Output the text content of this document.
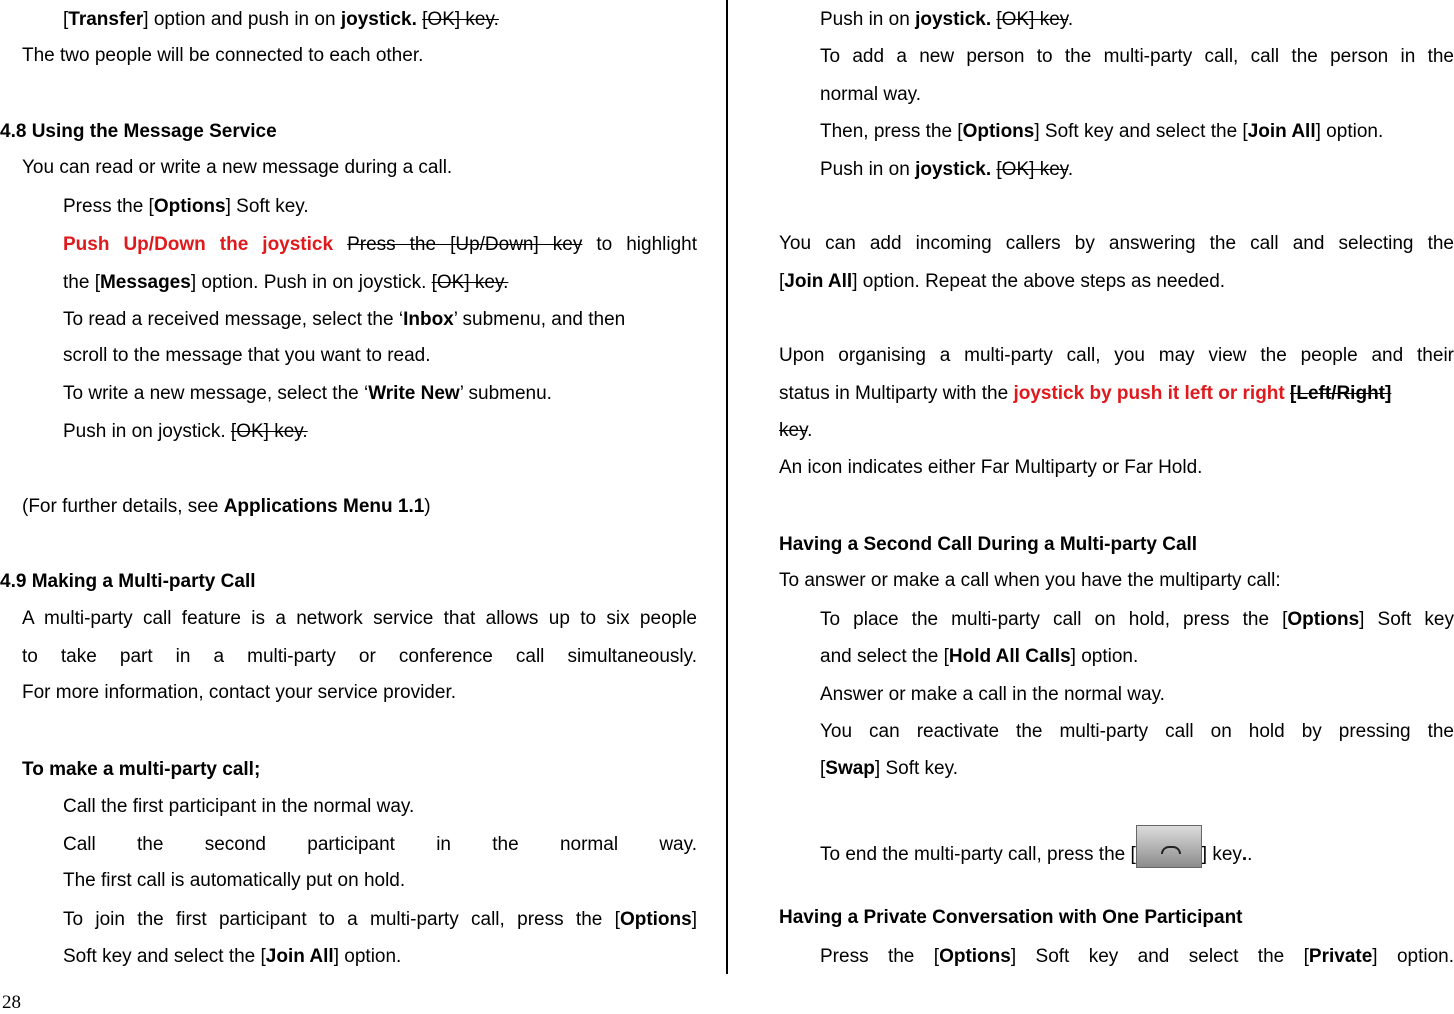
[Transfer] option and push in on joystick. [OK] key.
The two people will be connected to each other.
4.8 Using the Message Service
You can read or write a new message during a call.
Press the [Options] Soft key.
Push Up/Down the joystick Press the [Up/Down] key to highlight
the [Messages] option. Push in on joystick. [OK] key.
To read a received message, select the ‘Inbox’ submenu, and then
scroll to the message that you want to read.
To write a new message, select the ‘Write New’ submenu.
Push in on joystick. [OK] key.
(For further details, see Applications Menu 1.1)
4.9 Making a Multi-party Call
A multi-party call feature is a network service that allows up to six people
to take part in a multi-party or conference call simultaneously.
For more information, contact your service provider.
To make a multi-party call;
Call the first participant in the normal way.
Call the second participant in the normal way.
The first call is automatically put on hold.
To join the first participant to a multi-party call, press the [Options]
Soft key and select the [Join All] option.
Push in on joystick. [OK] key.
To add a new person to the multi-party call, call the person in the
normal way.
Then, press the [Options] Soft key and select the [Join All] option.
Push in on joystick. [OK] key.
You can add incoming callers by answering the call and selecting the
[Join All] option. Repeat the above steps as needed.
Upon organising a multi-party call, you may view the people and their
status in Multiparty with the joystick by push it left or right [Left/Right]
key.
An icon indicates either Far Multiparty or Far Hold.
Having a Second Call During a Multi-party Call
To answer or make a call when you have the multiparty call:
To place the multi-party call on hold, press the [Options] Soft key
and select the [Hold All Calls] option.
Answer or make a call in the normal way.
You can reactivate the multi-party call on hold by pressing the
[Swap] Soft key.
To end the multi-party call, press the [	] key..
Having a Private Conversation with One Participant
Press the [Options] Soft key and select the [Private] option.
28
